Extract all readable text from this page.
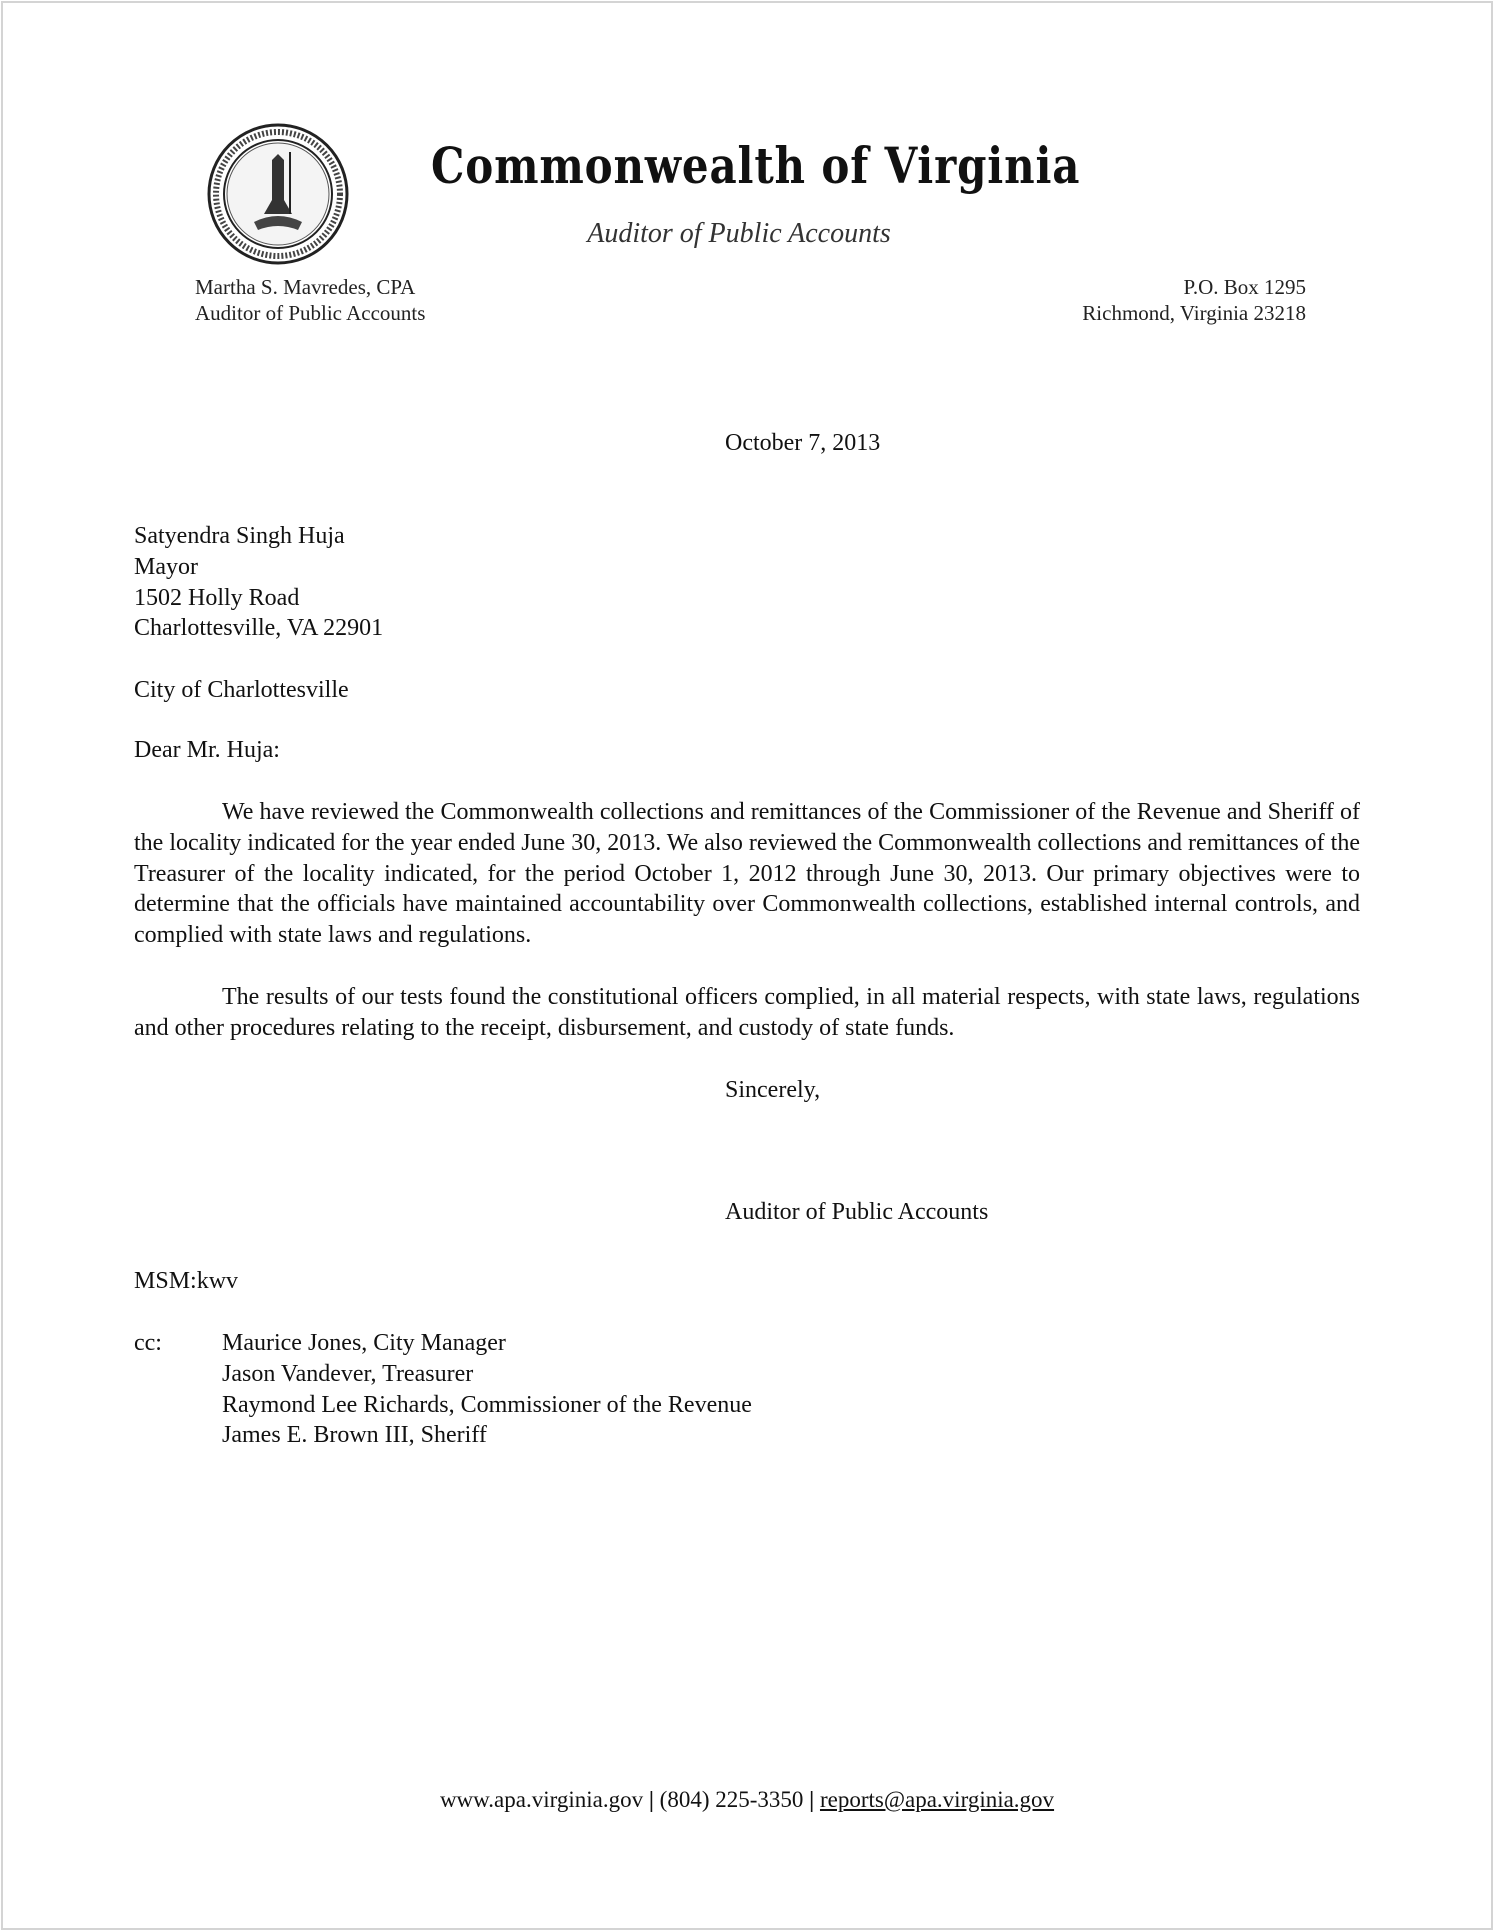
Commonwealth of Virginia
Auditor of Public Accounts
Martha S. Mavredes, CPA
Auditor of Public Accounts
P.O. Box 1295
Richmond, Virginia 23218
October 7, 2013
Satyendra Singh Huja
Mayor
1502 Holly Road
Charlottesville, VA 22901
City of Charlottesville
Dear Mr. Huja:
We have reviewed the Commonwealth collections and remittances of the Commissioner of the Revenue and Sheriff of the locality indicated for the year ended June 30, 2013. We also reviewed the Commonwealth collections and remittances of the Treasurer of the locality indicated, for the period October 1, 2012 through June 30, 2013. Our primary objectives were to determine that the officials have maintained accountability over Commonwealth collections, established internal controls, and complied with state laws and regulations.
The results of our tests found the constitutional officers complied, in all material respects, with state laws, regulations and other procedures relating to the receipt, disbursement, and custody of state funds.
Sincerely,
Auditor of Public Accounts
MSM:kwv
cc:	Maurice Jones, City Manager
Jason Vandever, Treasurer
Raymond Lee Richards, Commissioner of the Revenue
James E. Brown III, Sheriff
www.apa.virginia.gov | (804) 225-3350 | reports@apa.virginia.gov
